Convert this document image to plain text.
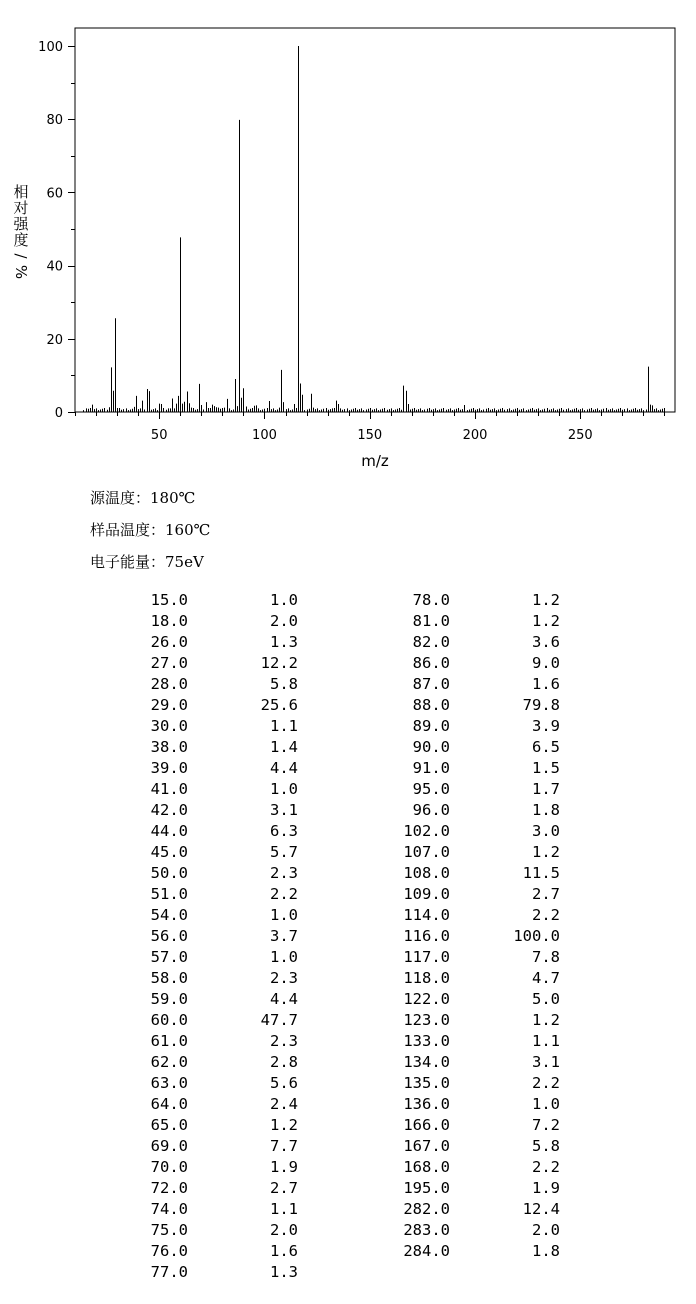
50	100	150	200	250
0
20
40
60
80
100
m/z
相
对
强
度
/
%
源温度：180℃
样品温度：160℃
电子能量：75eV
15.0	1.0	78.0	1.2
18.0	2.0	81.0	1.2
26.0	1.3	82.0	3.6
27.0	12.2	86.0	9.0
28.0	5.8	87.0	1.6
29.0	25.6	88.0	79.8
30.0	1.1	89.0	3.9
38.0	1.4	90.0	6.5
39.0	4.4	91.0	1.5
41.0	1.0	95.0	1.7
42.0	3.1	96.0	1.8
44.0	6.3	102.0	3.0
45.0	5.7	107.0	1.2
50.0	2.3	108.0	11.5
51.0	2.2	109.0	2.7
54.0	1.0	114.0	2.2
56.0	3.7	116.0	100.0
57.0	1.0	117.0	7.8
58.0	2.3	118.0	4.7
59.0	4.4	122.0	5.0
60.0	47.7	123.0	1.2
61.0	2.3	133.0	1.1
62.0	2.8	134.0	3.1
63.0	5.6	135.0	2.2
64.0	2.4	136.0	1.0
65.0	1.2	166.0	7.2
69.0	7.7	167.0	5.8
70.0	1.9	168.0	2.2
72.0	2.7	195.0	1.9
74.0	1.1	282.0	12.4
75.0	2.0	283.0	2.0
76.0	1.6	284.0	1.8
77.0	1.3		
